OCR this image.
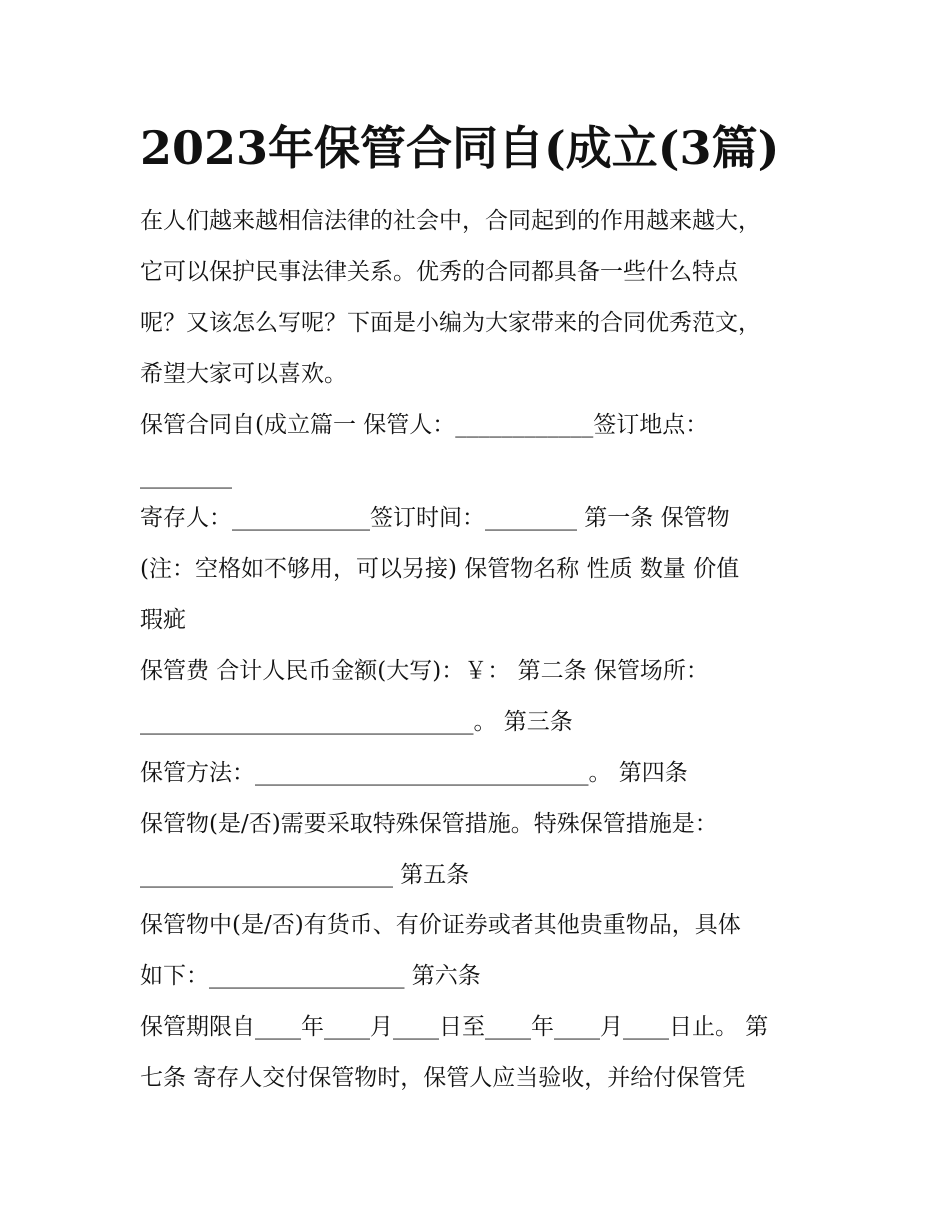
2023年保管合同自(成立(3篇)
在人们越来越相信法律的社会中，合同起到的作用越来越大，
它可以保护民事法律关系。优秀的合同都具备一些什么特点
呢？又该怎么写呢？下面是小编为大家带来的合同优秀范文，
希望大家可以喜欢。
保管合同自(成立篇一 保管人：____________签订地点：
________
寄存人：____________签订时间：________ 第一条 保管物
(注：空格如不够用，可以另接) 保管物名称 性质 数量 价值
瑕疵
保管费 合计人民币金额(大写)：￥： 第二条 保管场所：
_____________________________。 第三条
保管方法：_____________________________。 第四条
保管物(是/否)需要采取特殊保管措施。特殊保管措施是：
______________________ 第五条
保管物中(是/否)有货币、有价证券或者其他贵重物品，具体
如下：_________________ 第六条
保管期限自____年____月____日至____年____月____日止。 第
七条 寄存人交付保管物时，保管人应当验收，并给付保管凭
